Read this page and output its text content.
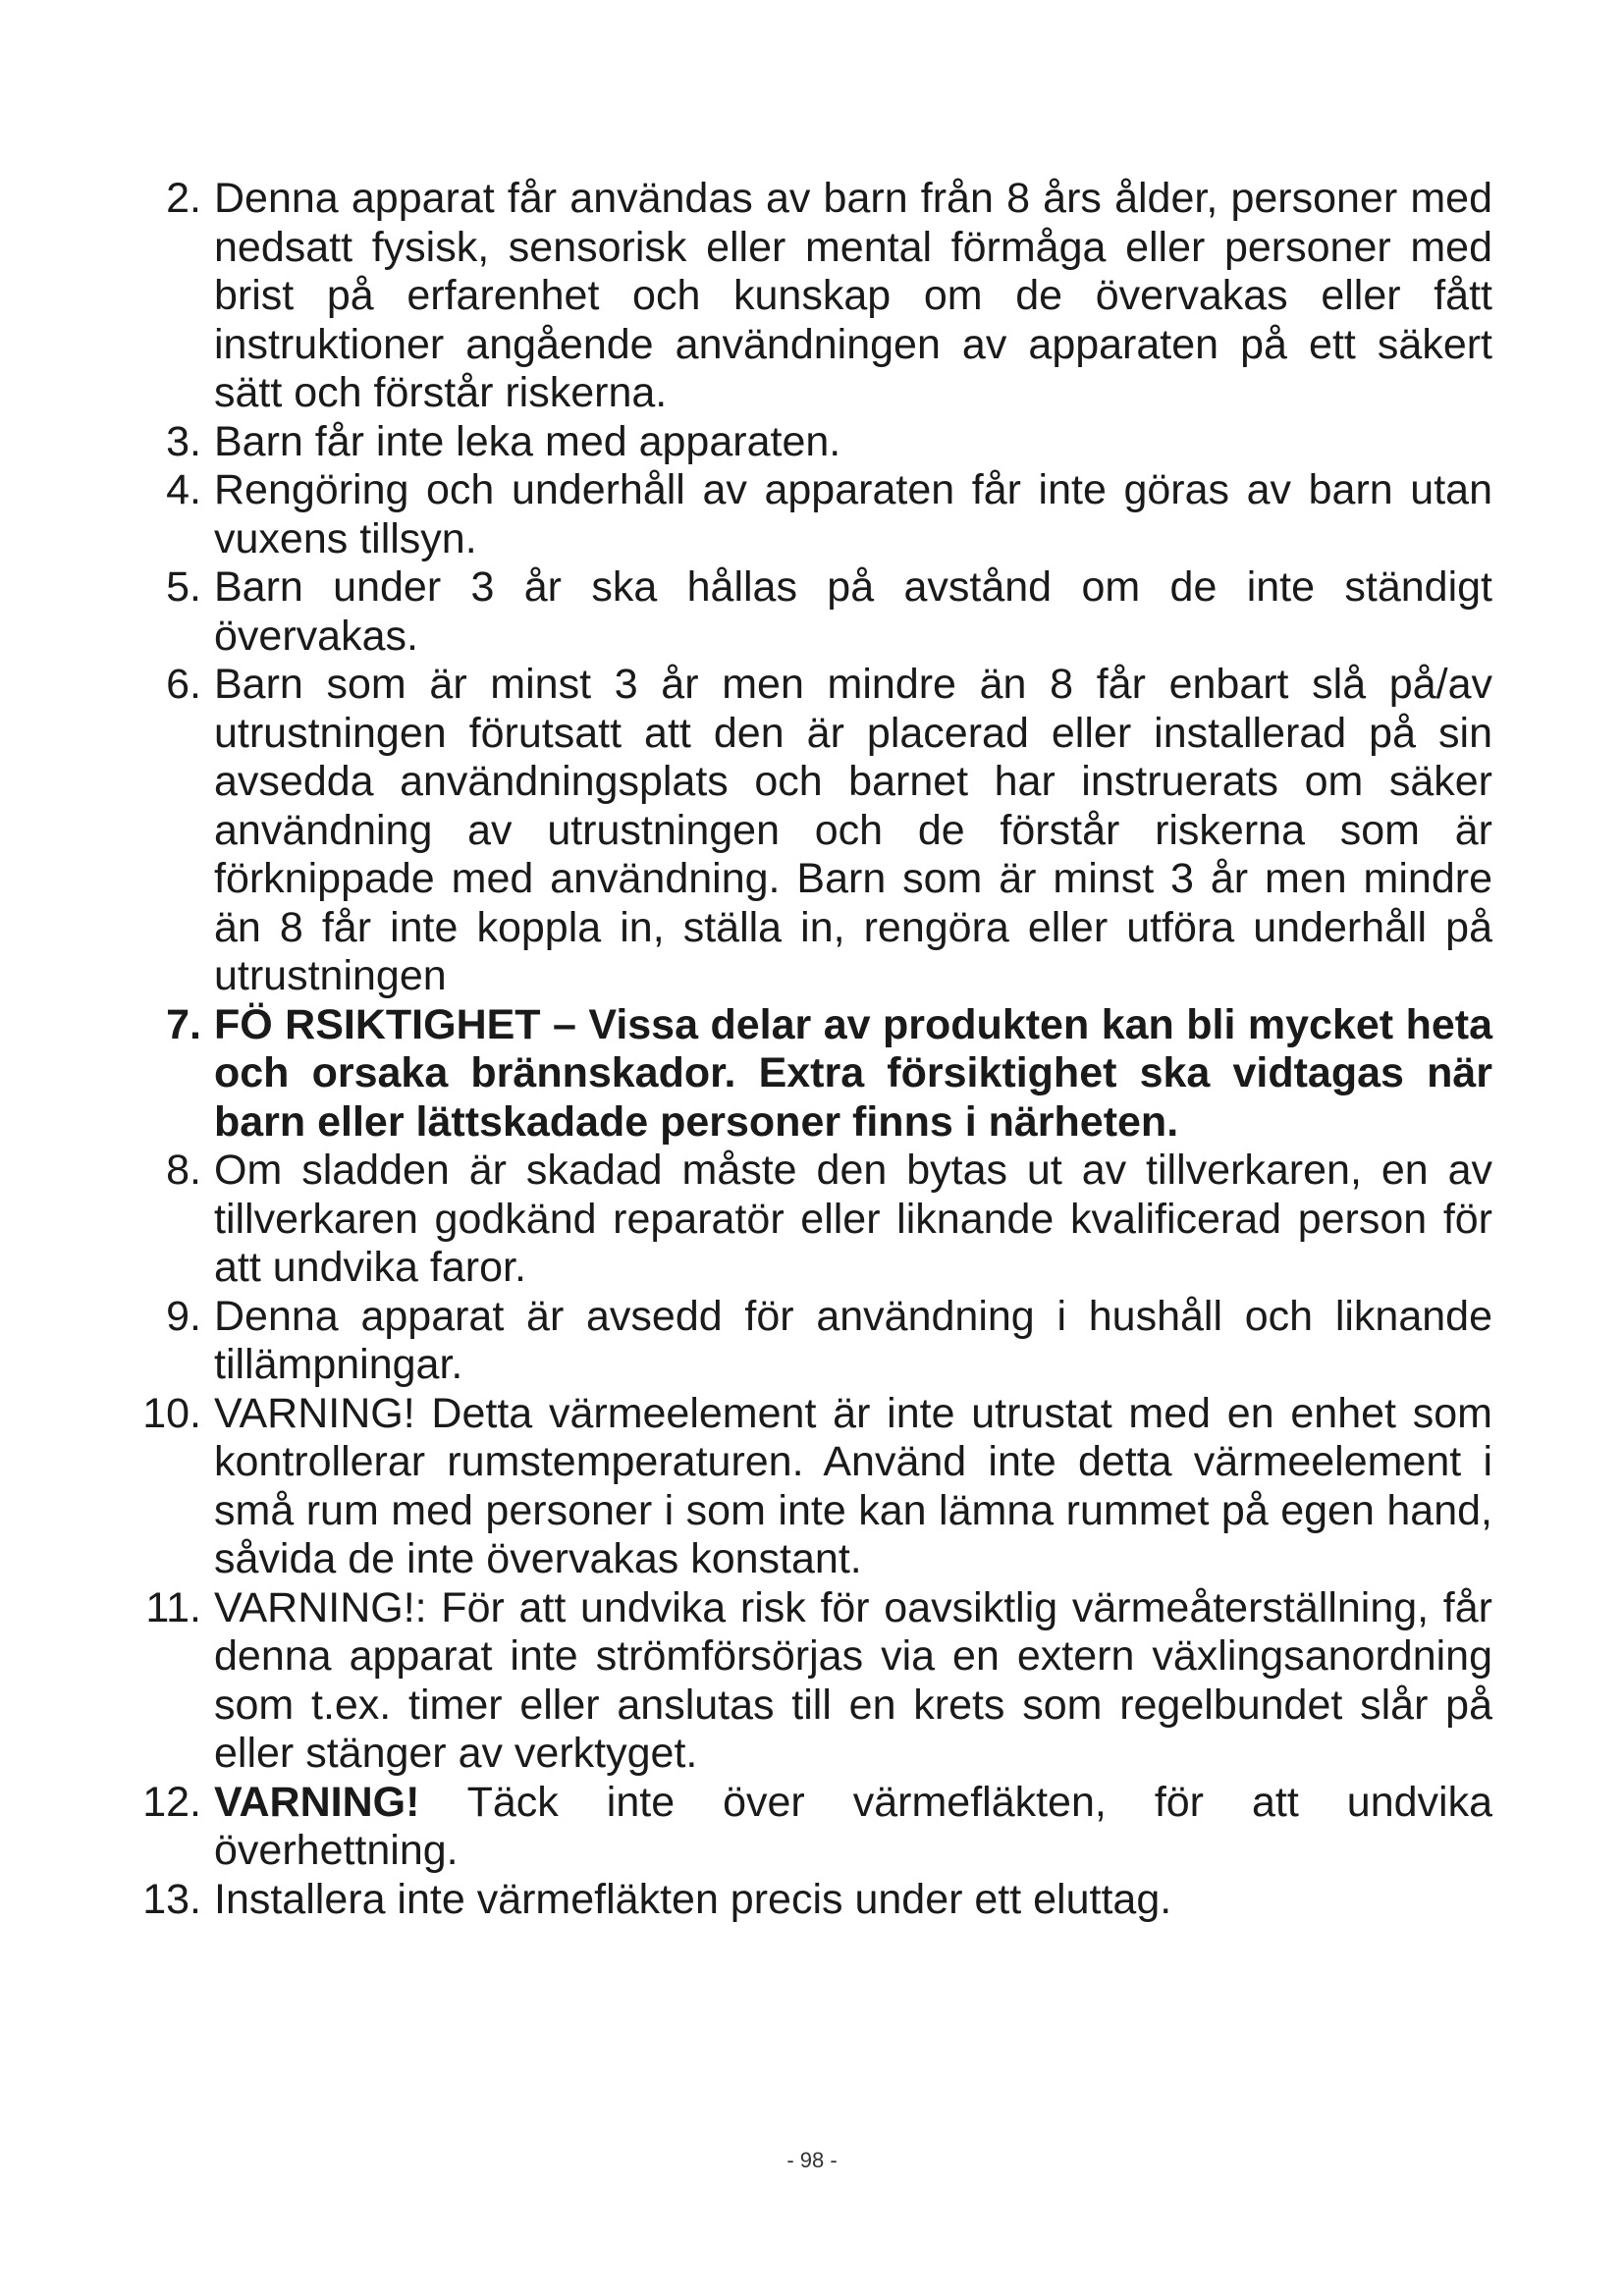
2. Denna apparat får användas av barn från 8 års ålder, personer med nedsatt fysisk, sensorisk eller mental förmåga eller personer med brist på erfarenhet och kunskap om de övervakas eller fått instruktioner angående användningen av apparaten på ett säkert sätt och förstår riskerna.
3. Barn får inte leka med apparaten.
4. Rengöring och underhåll av apparaten får inte göras av barn utan vuxens tillsyn.
5. Barn under 3 år ska hållas på avstånd om de inte ständigt övervakas.
6. Barn som är minst 3 år men mindre än 8 får enbart slå på/av utrustningen förutsatt att den är placerad eller installerad på sin avsedda användningsplats och barnet har instruerats om säker användning av utrustningen och de förstår riskerna som är förknippade med användning. Barn som är minst 3 år men mindre än 8 får inte koppla in, ställa in, rengöra eller utföra underhåll på utrustningen
7. FÖ RSIKTIGHET – Vissa delar av produkten kan bli mycket heta och orsaka brännskador. Extra försiktighet ska vidtagas när barn eller lättskadade personer finns i närheten.
8. Om sladden är skadad måste den bytas ut av tillverkaren, en av tillverkaren godkänd reparatör eller liknande kvalificerad person för att undvika faror.
9. Denna apparat är avsedd för användning i hushåll och liknande tillämpningar.
10. VARNING! Detta värmeelement är inte utrustat med en enhet som kontrollerar rumstemperaturen. Använd inte detta värmeelement i små rum med personer i som inte kan lämna rummet på egen hand, såvida de inte övervakas konstant.
11. VARNING!: För att undvika risk för oavsiktlig värmeåterställning, får denna apparat inte strömförsörjas via en extern växlingsanordning som t.ex. timer eller anslutas till en krets som regelbundet slår på eller stänger av verktyget.
12. VARNING! Täck inte över värmefläkten, för att undvika överhettning.
13. Installera inte värmefläkten precis under ett eluttag.
- 98 -
